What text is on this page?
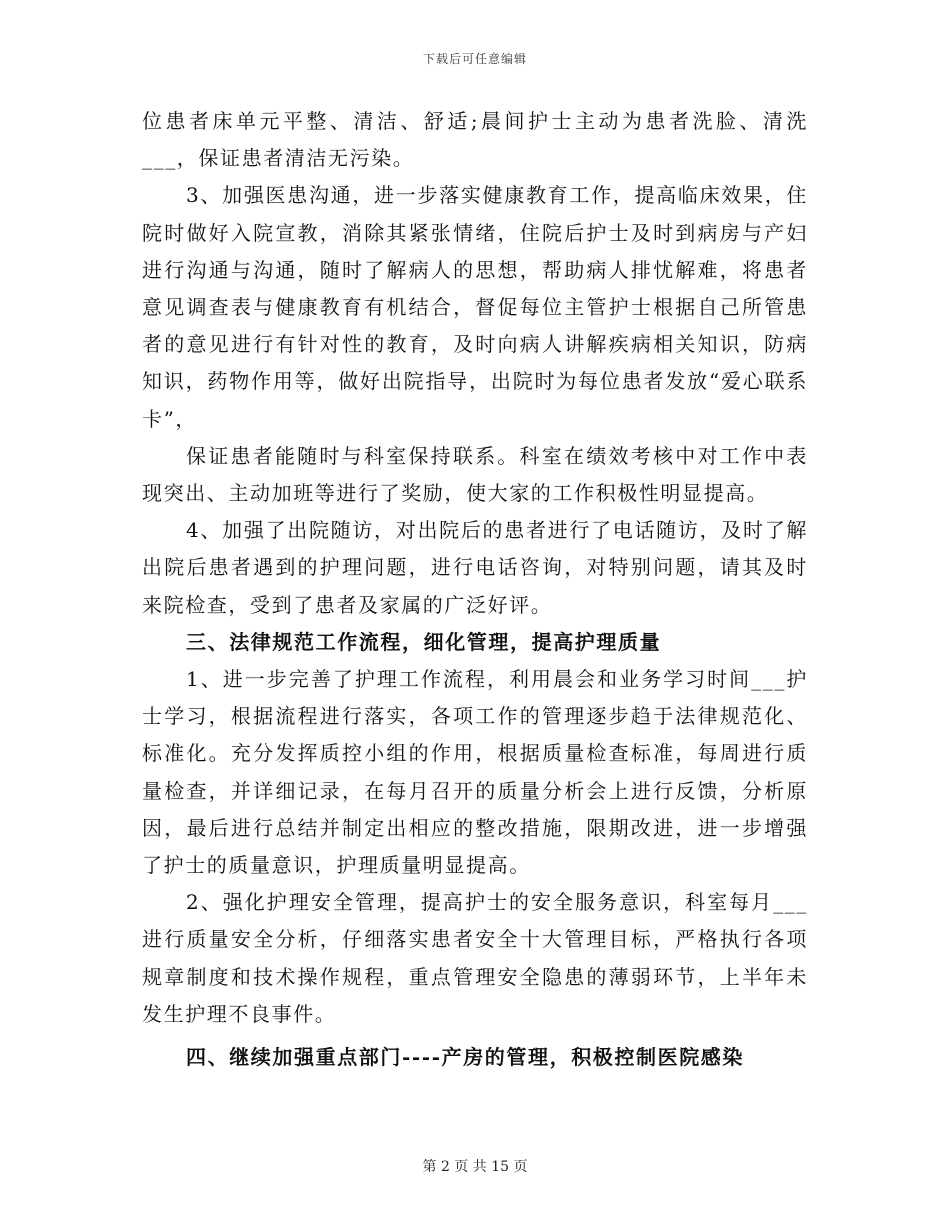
下载后可任意编辑

位患者床单元平整、清洁、舒适;晨间护士主动为患者洗脸、清洗___，保证患者清洁无污染。

3、加强医患沟通，进一步落实健康教育工作，提高临床效果，住院时做好入院宣教，消除其紧张情绪，住院后护士及时到病房与产妇进行沟通与沟通，随时了解病人的思想，帮助病人排忧解难，将患者意见调查表与健康教育有机结合，督促每位主管护士根据自己所管患者的意见进行有针对性的教育，及时向病人讲解疾病相关知识，防病知识，药物作用等，做好出院指导，出院时为每位患者发放“爱心联系卡”，

保证患者能随时与科室保持联系。科室在绩效考核中对工作中表现突出、主动加班等进行了奖励，使大家的工作积极性明显提高。

4、加强了出院随访，对出院后的患者进行了电话随访，及时了解出院后患者遇到的护理问题，进行电话咨询，对特别问题，请其及时来院检查，受到了患者及家属的广泛好评。

三、法律规范工作流程，细化管理，提高护理质量

1、进一步完善了护理工作流程，利用晨会和业务学习时间___护士学习，根据流程进行落实，各项工作的管理逐步趋于法律规范化、标准化。充分发挥质控小组的作用，根据质量检查标准，每周进行质量检查，并详细记录，在每月召开的质量分析会上进行反馈，分析原因，最后进行总结并制定出相应的整改措施，限期改进，进一步增强了护士的质量意识，护理质量明显提高。

2、强化护理安全管理，提高护士的安全服务意识，科室每月___进行质量安全分析，仔细落实患者安全十大管理目标，严格执行各项规章制度和技术操作规程，重点管理安全隐患的薄弱环节，上半年未发生护理不良事件。

四、继续加强重点部门----产房的管理，积极控制医院感染

第 2 页 共 15 页
